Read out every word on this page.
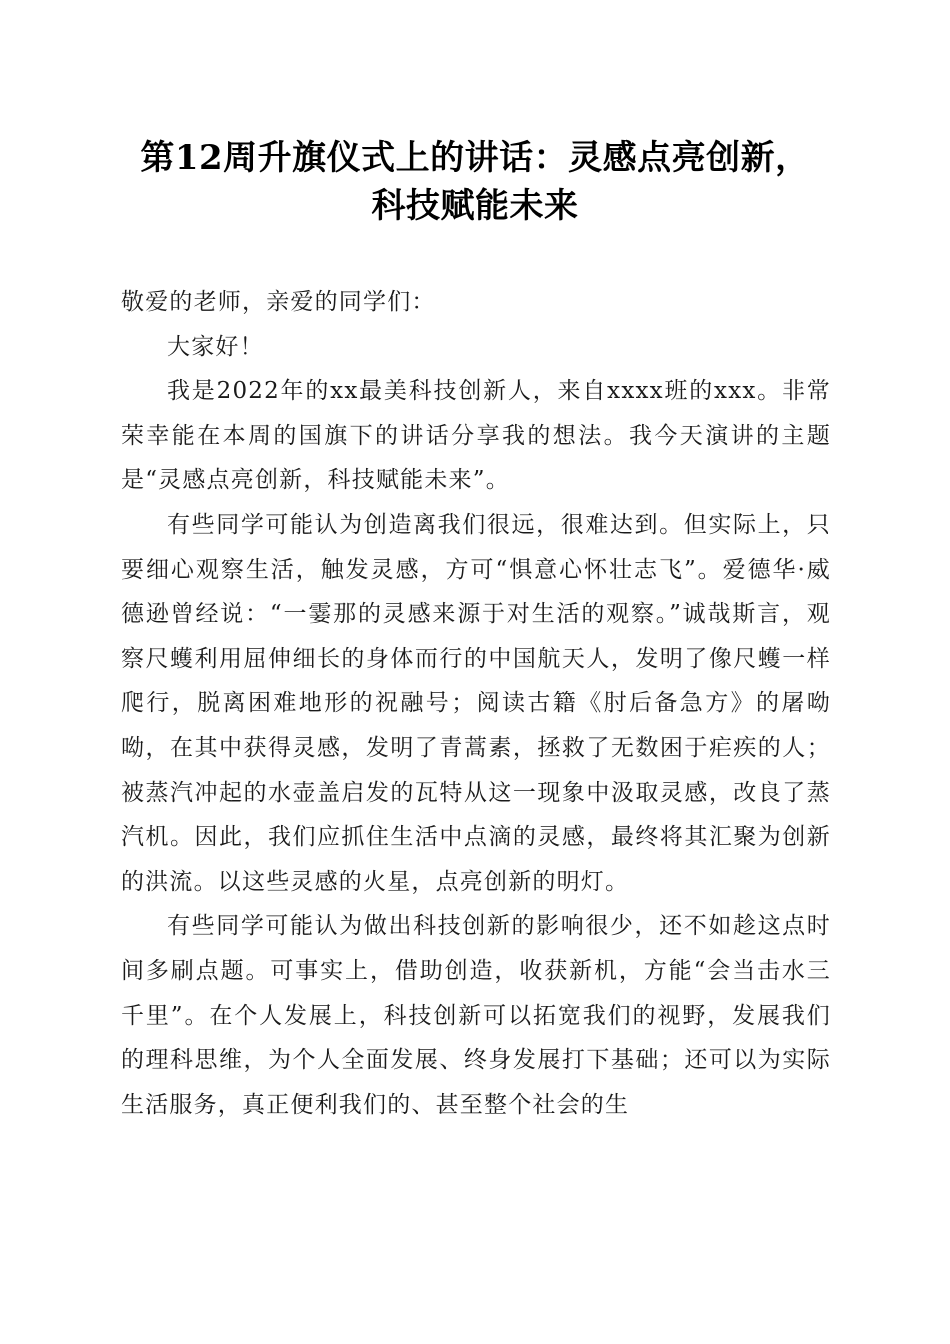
第12周升旗仪式上的讲话：灵感点亮创新，
科技赋能未来

敬爱的老师，亲爱的同学们：

大家好！

我是2022年的xx最美科技创新人，来自xxxx班的xxx。非常荣幸能在本周的国旗下的讲话分享我的想法。我今天演讲的主题是“灵感点亮创新，科技赋能未来”。

有些同学可能认为创造离我们很远，很难达到。但实际上，只要细心观察生活，触发灵感，方可“惧意心怀壮志飞”。爱德华·威德逊曾经说：“一霎那的灵感来源于对生活的观察。”诚哉斯言，观察尺蠖利用屈伸细长的身体而行的中国航天人，发明了像尺蠖一样爬行，脱离困难地形的祝融号；阅读古籍《肘后备急方》的屠呦呦，在其中获得灵感，发明了青蒿素，拯救了无数困于疟疾的人；被蒸汽冲起的水壶盖启发的瓦特从这一现象中汲取灵感，改良了蒸汽机。因此，我们应抓住生活中点滴的灵感，最终将其汇聚为创新的洪流。以这些灵感的火星，点亮创新的明灯。

有些同学可能认为做出科技创新的影响很少，还不如趁这点时间多刷点题。可事实上，借助创造，收获新机，方能“会当击水三千里”。在个人发展上，科技创新可以拓宽我们的视野，发展我们的理科思维，为个人全面发展、终身发展打下基础；还可以为实际生活服务，真正便利我们的、甚至整个社会的生
